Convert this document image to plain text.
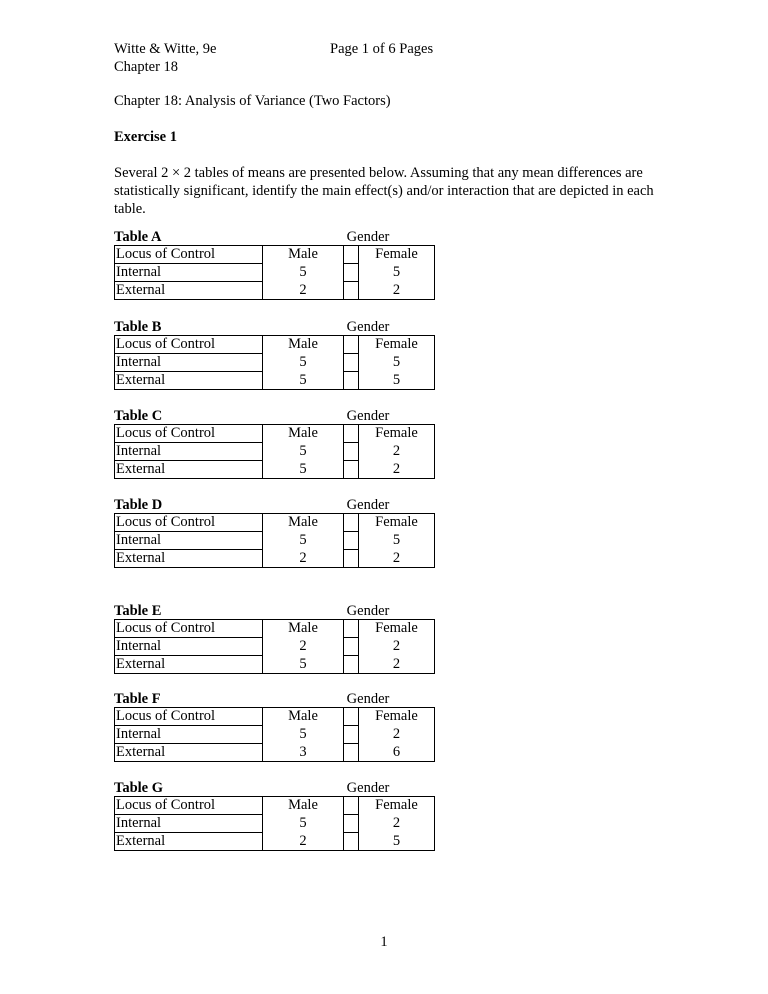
Witte & Witte, 9e
Chapter 18
Page 1 of 6 Pages
Chapter 18: Analysis of Variance (Two Factors)
Exercise 1
Several 2 × 2 tables of means are presented below. Assuming that any mean differences are statistically significant, identify the main effect(s) and/or interaction that are depicted in each table.
Table A	Gender
Locus of Control	Male		Female
Internal	5		5
External	2		2
Table B	Gender
Locus of Control	Male		Female
Internal	5		5
External	5		5
Table C	Gender
Locus of Control	Male		Female
Internal	5		2
External	5		2
Table D	Gender
Locus of Control	Male		Female
Internal	5		5
External	2		2
Table E	Gender
Locus of Control	Male		Female
Internal	2		2
External	5		2
Table F	Gender
Locus of Control	Male		Female
Internal	5		2
External	3		6
Table G	Gender
Locus of Control	Male		Female
Internal	5		2
External	2		5
1
